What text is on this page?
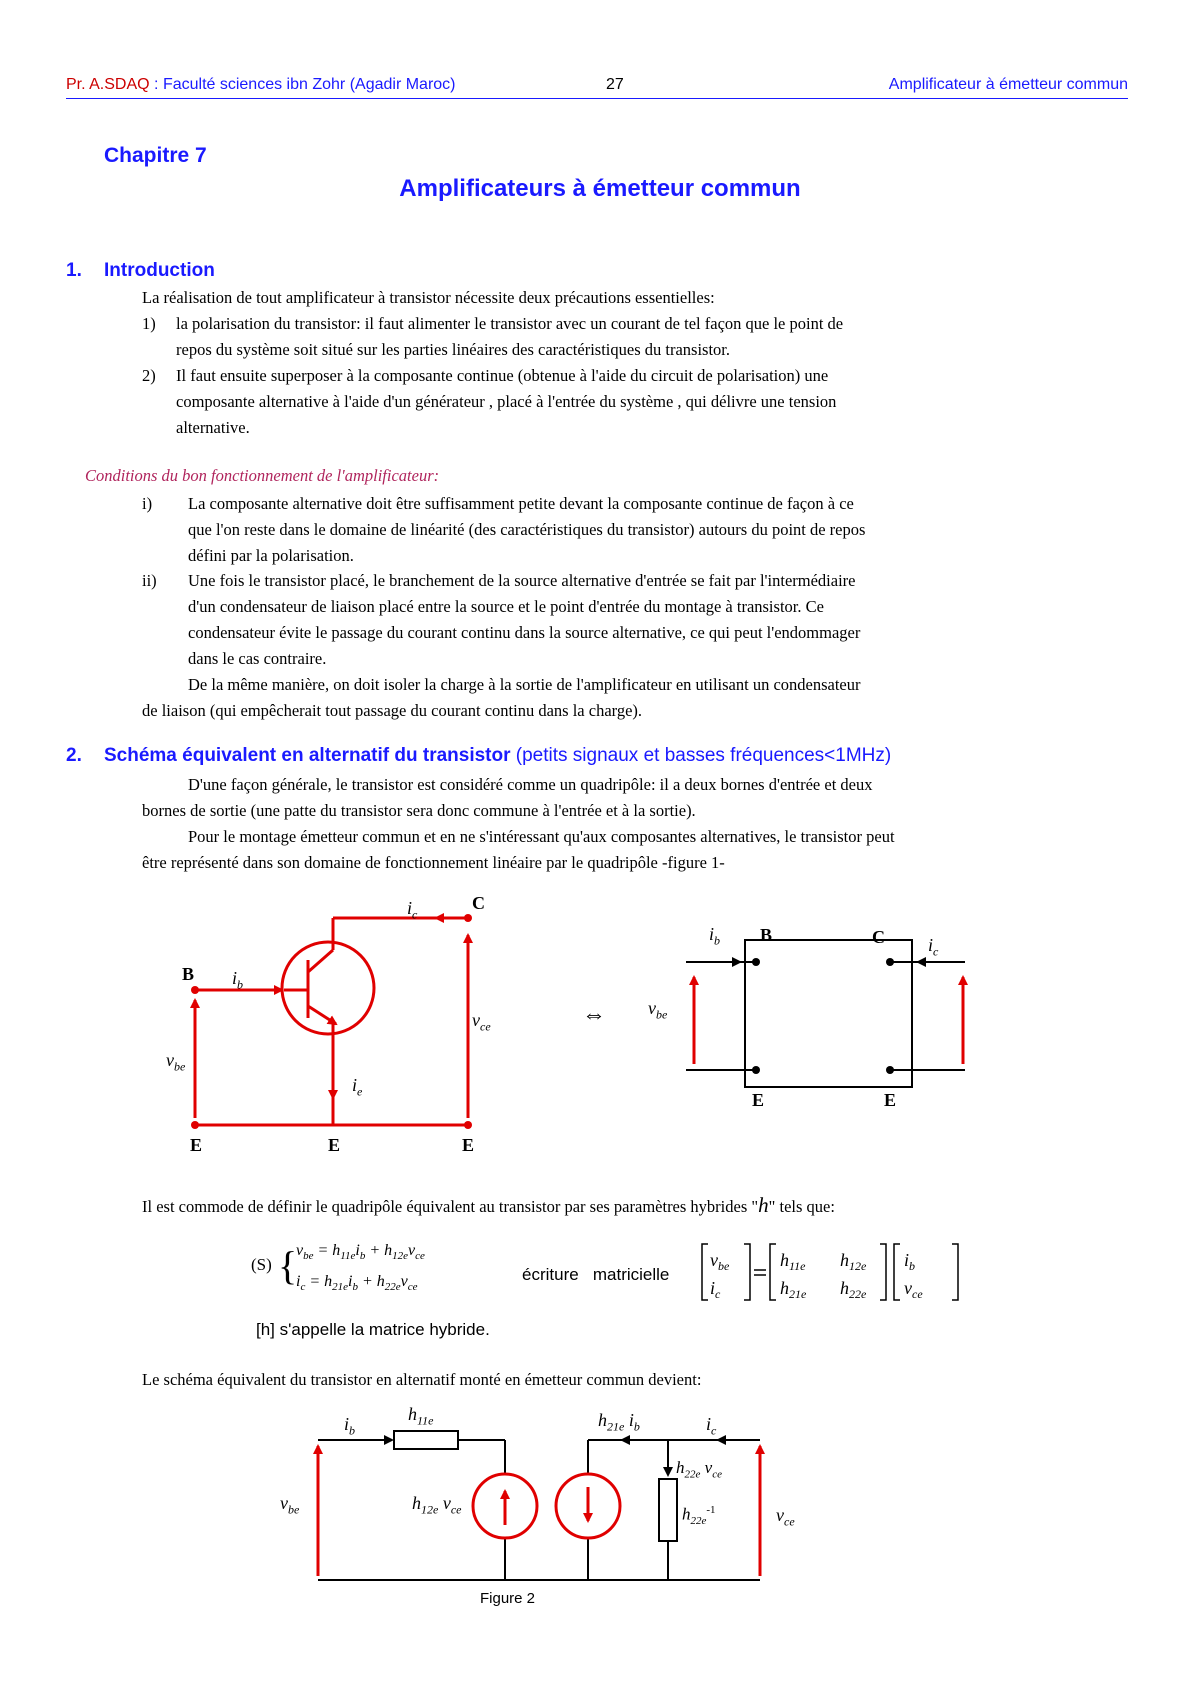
Pr. A.SDAQ : Faculté sciences ibn Zohr (Agadir Maroc)	27	Amplificateur à émetteur commun
Chapitre 7
Amplificateurs à émetteur commun
1. Introduction
La réalisation de tout amplificateur à transistor nécessite deux précautions essentielles:
1) la polarisation du transistor: il faut alimenter le transistor avec un courant de tel façon que le point de
repos du système soit situé sur les parties linéaires des caractéristiques du transistor.
2) Il faut ensuite superposer à la composante continue (obtenue à l'aide du circuit de polarisation) une
composante alternative à l'aide d'un générateur , placé à l'entrée du système , qui délivre une tension
alternative.
Conditions du bon fonctionnement de l'amplificateur:
i) La composante alternative doit être suffisamment petite devant la composante continue de façon à ce
que l'on reste dans le domaine de linéarité (des caractéristiques du transistor) autours du point de repos
défini par la polarisation.
ii) Une fois le transistor placé, le branchement de la source alternative d'entrée se fait par l'intermédiaire
d'un condensateur de liaison placé entre la source et le point d'entrée du montage à transistor. Ce
condensateur évite le passage du courant continu dans la source alternative, ce qui peut l'endommager
dans le cas contraire.
De la même manière, on doit isoler la charge à la sortie de l'amplificateur en utilisant un condensateur
de liaison (qui empêcherait tout passage du courant continu dans la charge).
2. Schéma équivalent en alternatif du transistor (petits signaux et basses fréquences<1MHz)
D'une façon générale, le transistor est considéré comme un quadripôle: il a deux bornes d'entrée et deux
bornes de sortie (une patte du transistor sera donc commune à l'entrée et à la sortie).
Pour le montage émetteur commun et en ne s'intéressant qu'aux composantes alternatives, le transistor peut
être représenté dans son domaine de fonctionnement linéaire par le quadripôle -figure 1-
B
C
E	E	E
$i_b$
$i_c$
$i_e$
$v_{be}$
$v_{ce}$	⇔
B	C
E	E
$i_b$	$i_c$
$v_{be}$
Il est commode de définir le quadripôle équivalent au transistor par ses paramètres hybrides "h" tels que:
(S) {
$v_{be} = h_{11e}i_b + h_{12e}v_{ce}$
$i_c = h_{21e}i_b + h_{22e}v_{ce}$
écriture   matricielle
$v_{be}$
$i_c$
$h_{11e}$ $h_{12e}$
$h_{21e}$ $h_{22e}$
$i_b$
$v_{ce}$
[h] s'appelle la matrice hybride.
Le schéma équivalent du transistor en alternatif monté en émetteur commun devient:
$i_b$
$h_{11e}$
$v_{be}$	$h_{12e}$ $v_{ce}$
$h_{21e}$ $i_b$	$i_c$
$h_{22e}$ $v_{ce}$
$h_{22e}^{-1}$	$v_{ce}$
Figure 2
